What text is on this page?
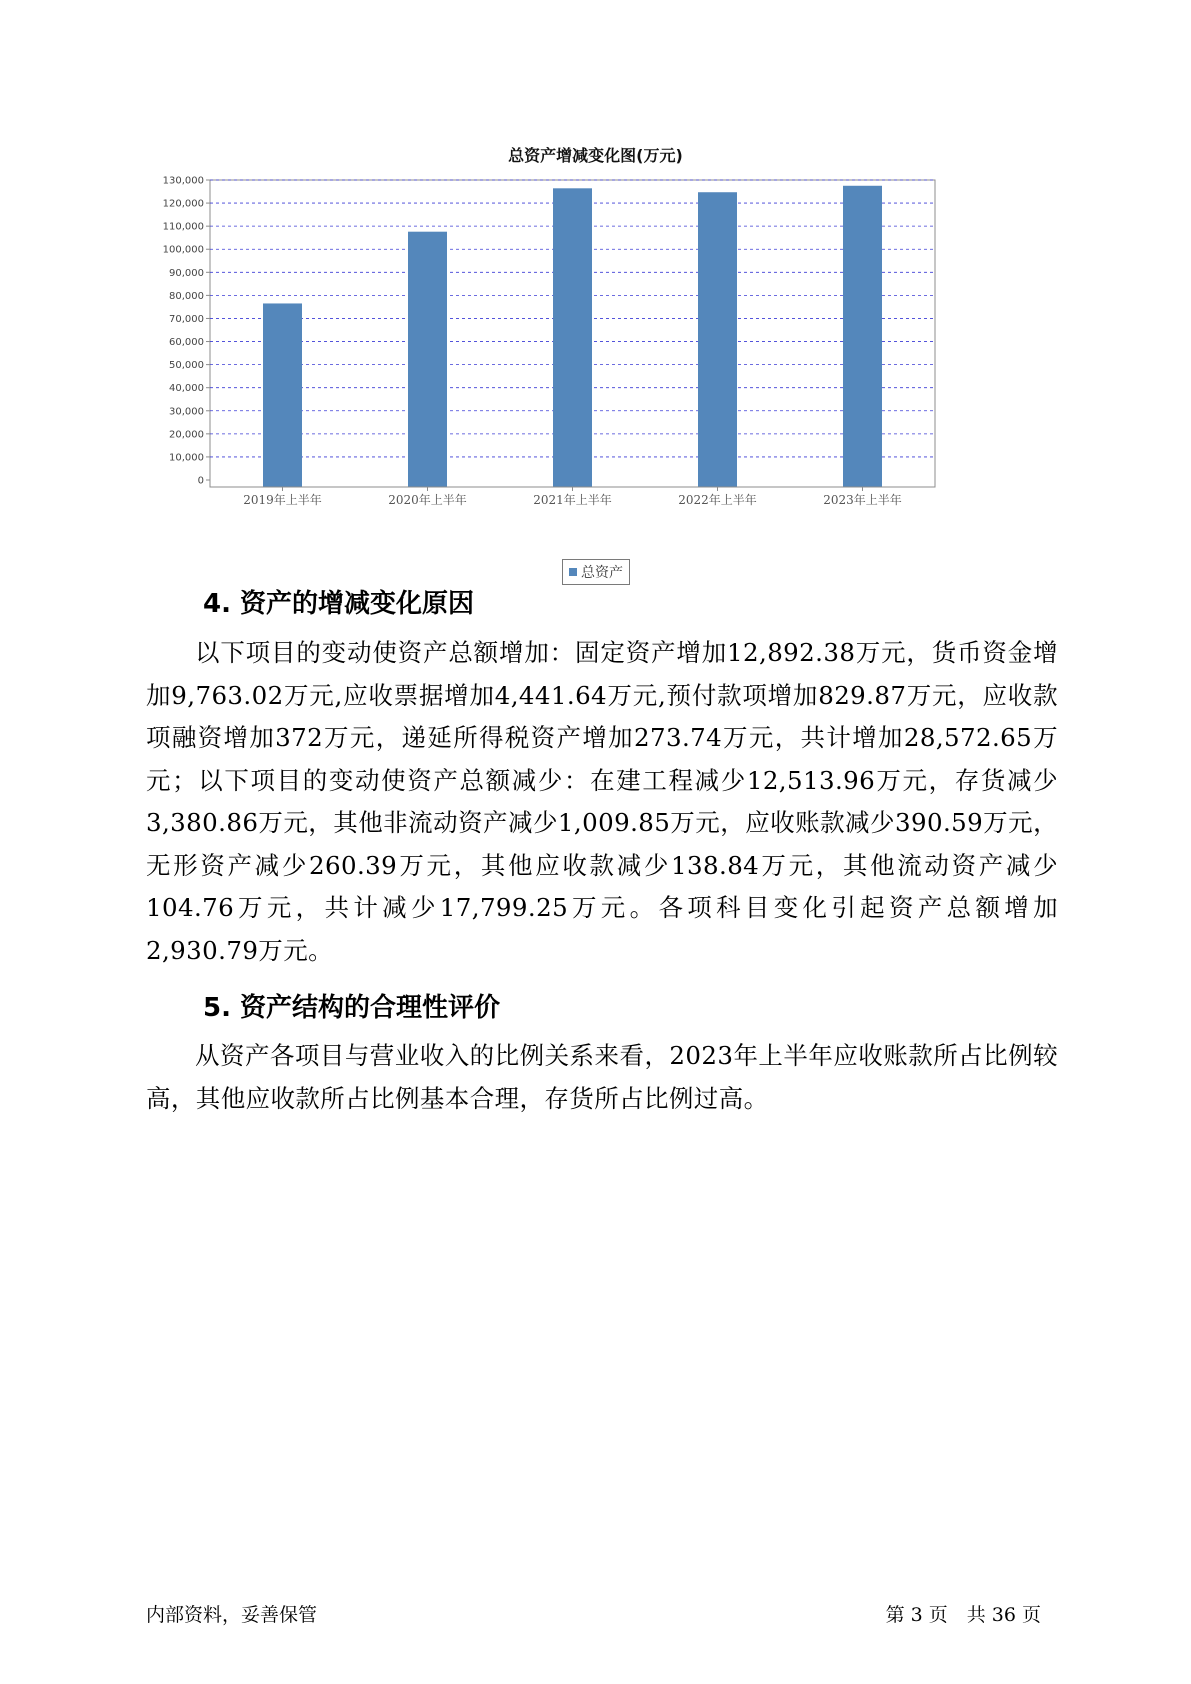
总资产增减变化图(万元)
0
10,000
20,000
30,000
40,000
50,000
60,000
70,000
80,000
90,000
100,000
110,000
120,000
130,000
2019年上半年	2020年上半年	2021年上半年	2022年上半年	2023年上半年
总资产
4. 资产的增减变化原因

以下项目的变动使资产总额增加：固定资产增加12,892.38万元，货币资金增加9,763.02万元,应收票据增加4,441.64万元,预付款项增加829.87万元，应收款项融资增加372万元，递延所得税资产增加273.74万元，共计增加28,572.65万元；以下项目的变动使资产总额减少：在建工程减少12,513.96万元，存货减少3,380.86万元，其他非流动资产减少1,009.85万元，应收账款减少390.59万元，无形资产减少260.39万元，其他应收款减少138.84万元，其他流动资产减少104.76万元，共计减少17,799.25万元。各项科目变化引起资产总额增加2,930.79万元。

5. 资产结构的合理性评价

从资产各项目与营业收入的比例关系来看，2023年上半年应收账款所占比例较高，其他应收款所占比例基本合理，存货所占比例过高。

内部资料，妥善保管	第 3 页　共 36 页
